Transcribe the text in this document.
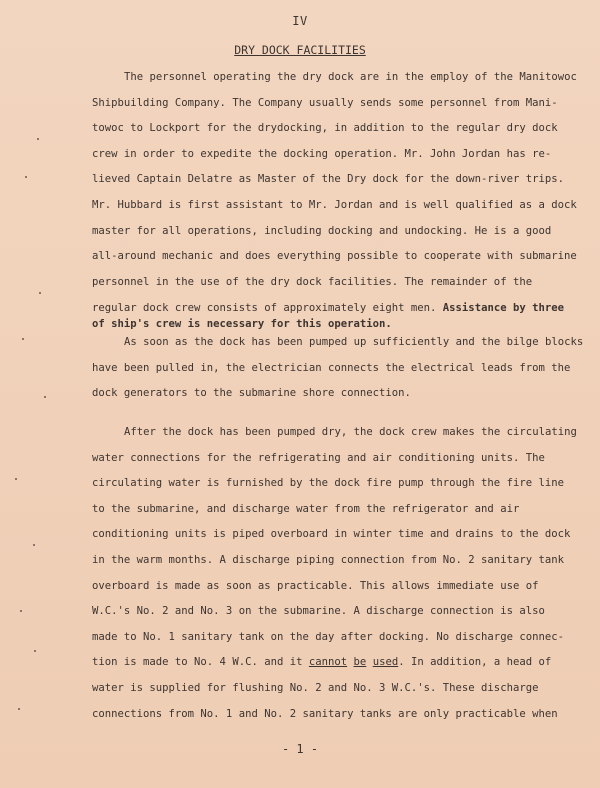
IV
DRY DOCK FACILITIES
The personnel operating the dry dock are in the employ of the Manitowoc
Shipbuilding Company. The Company usually sends some personnel from Mani-
towoc to Lockport for the drydocking, in addition to the regular dry dock
crew in order to expedite the docking operation. Mr. John Jordan has re-
lieved Captain Delatre as Master of the Dry dock for the down-river trips.
Mr. Hubbard is first assistant to Mr. Jordan and is well qualified as a dock
master for all operations, including docking and undocking. He is a good
all-around mechanic and does everything possible to cooperate with submarine
personnel in the use of the dry dock facilities. The remainder of the
regular dock crew consists of approximately eight men. Assistance by three
of ship's crew is necessary for this operation.
As soon as the dock has been pumped up sufficiently and the bilge blocks
have been pulled in, the electrician connects the electrical leads from the
dock generators to the submarine shore connection.
After the dock has been pumped dry, the dock crew makes the circulating
water connections for the refrigerating and air conditioning units. The
circulating water is furnished by the dock fire pump through the fire line
to the submarine, and discharge water from the refrigerator and air
conditioning units is piped overboard in winter time and drains to the dock
in the warm months. A discharge piping connection from No. 2 sanitary tank
overboard is made as soon as practicable. This allows immediate use of
W.C.'s No. 2 and No. 3 on the submarine. A discharge connection is also
made to No. 1 sanitary tank on the day after docking. No discharge connec-
tion is made to No. 4 W.C. and it cannot be used. In addition, a head of
water is supplied for flushing No. 2 and No. 3 W.C.'s. These discharge
connections from No. 1 and No. 2 sanitary tanks are only practicable when
- 1 -
